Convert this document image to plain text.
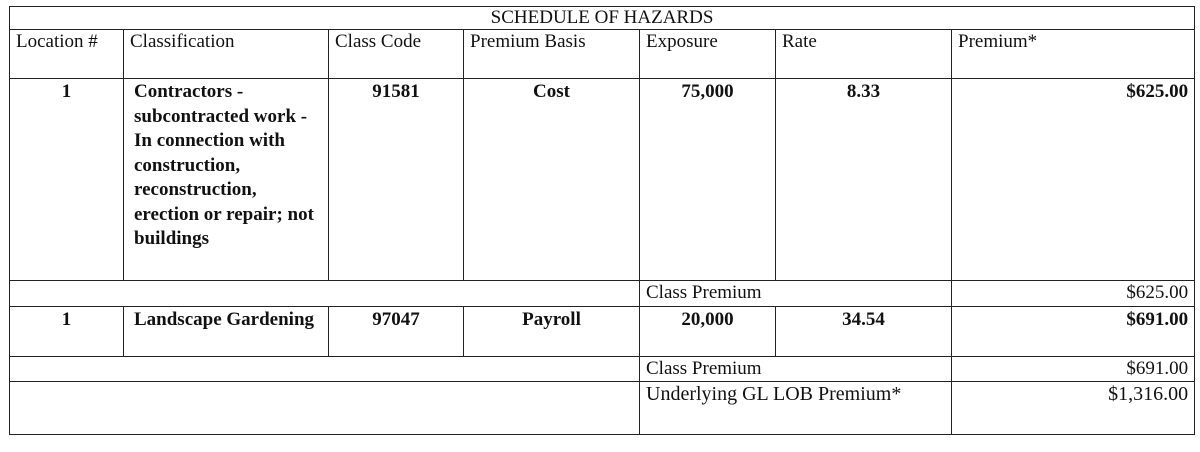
SCHEDULE OF HAZARDS						
Location #	Classification	Class Code	Premium Basis	Exposure	Rate	Premium*
1	Contractors - subcontracted work - In connection with construction, reconstruction, erection or repair; not buildings	91581	Cost	75,000	8.33	$625.00
				Class Premium		$625.00
1	Landscape Gardening	97047	Payroll	20,000	34.54	$691.00
				Class Premium		$691.00
				Underlying GL LOB Premium*		$1,316.00
